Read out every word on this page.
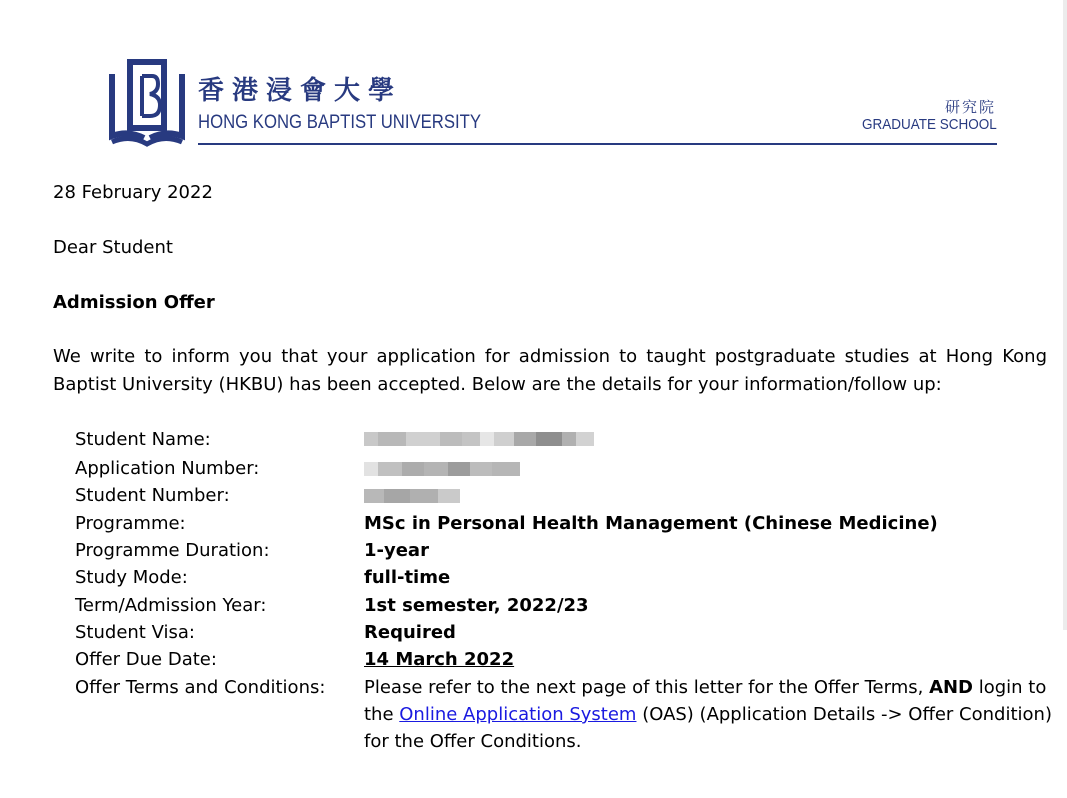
香港浸會大學
HONG KONG BAPTIST UNIVERSITY
研究院
GRADUATE SCHOOL
28 February 2022
Dear Student
Admission Offer
We write to inform you that your application for admission to taught postgraduate studies at Hong Kong Baptist University (HKBU) has been accepted. Below are the details for your information/follow up:
Student Name:
Application Number:
Student Number:
Programme:	MSc in Personal Health Management (Chinese Medicine)
Programme Duration:	1-year
Study Mode:	full-time
Term/Admission Year:	1st semester, 2022/23
Student Visa:	Required
Offer Due Date:	14 March 2022
Offer Terms and Conditions: Please refer to the next page of this letter for the Offer Terms, AND login to the Online Application System (OAS) (Application Details -> Offer Condition) for the Offer Conditions.
